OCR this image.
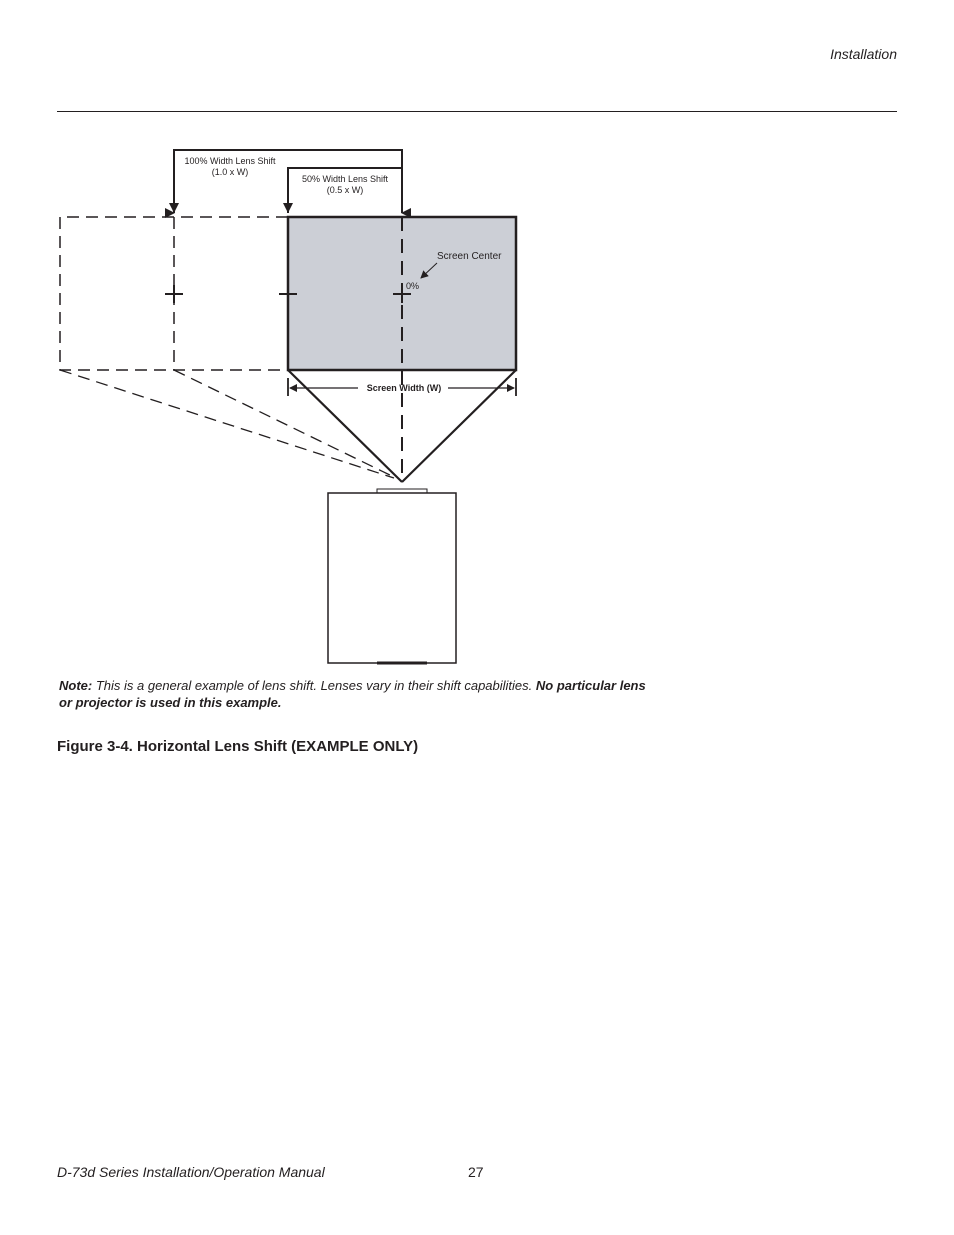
Installation
100% Width Lens Shift
(1.0 x W)
50% Width Lens Shift
(0.5 x W)
Screen Center
0%
Screen Width (W)
Note: This is a general example of lens shift. Lenses vary in their shift capabilities. No particular lens or projector is used in this example.
Figure 3-4. Horizontal Lens Shift (EXAMPLE ONLY)
D-73d Series Installation/Operation Manual	27
